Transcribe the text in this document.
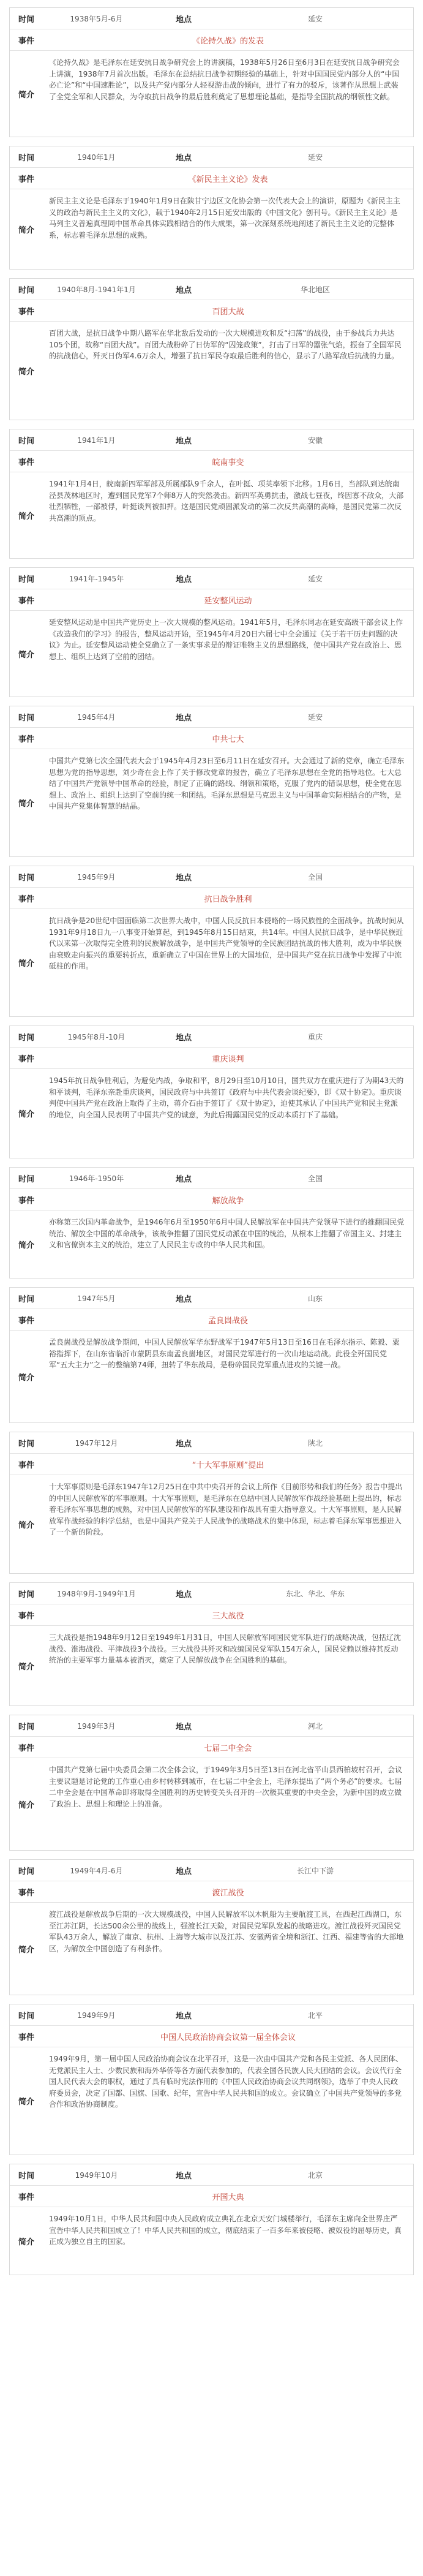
时间	1938年5月-6月	地点	延安
事件	《论持久战》的发表
简介
《论持久战》是毛泽东在延安抗日战争研究会上的讲演稿，1938年5月26日至6月3日在延安抗日战争研究会上讲演，1938年7月首次出版。毛泽东在总结抗日战争初期经验的基础上，针对中国国民党内部分人的“中国必亡论”和“中国速胜论”，以及共产党内部分人轻视游击战的倾向，进行了有力的驳斥，该著作从思想上武装了全党全军和人民群众，为夺取抗日战争的最后胜利奠定了思想理论基础，是指导全国抗战的纲领性文献。
时间	1940年1月	地点	延安
事件	《新民主主义论》发表
简介
新民主主义论是毛泽东于1940年1月9日在陕甘宁边区文化协会第一次代表大会上的演讲，原题为《新民主主义的政治与新民主主义的文化》，载于1940年2月15日延安出版的《中国文化》创刊号。《新民主主义论》是马列主义普遍真理同中国革命具体实践相结合的伟大成果，第一次深刻系统地阐述了新民主主义论的完整体系，标志着毛泽东思想的成熟。
时间	1940年8月-1941年1月	地点	华北地区
事件	百团大战
简介
百团大战，是抗日战争中期八路军在华北敌后发动的一次大规模进攻和反“扫荡”的战役，由于参战兵力共达105个团，故称“百团大战”。百团大战粉碎了日伪军的“囚笼政策”，打击了日军的嚣张气焰，振奋了全国军民的抗战信心，歼灭日伪军4.6万余人，增强了抗日军民夺取最后胜利的信心，显示了八路军敌后抗战的力量。
时间	1941年1月	地点	安徽
事件	皖南事变
简介
1941年1月4日，皖南新四军军部及所属部队9千余人，在叶挺、项英率领下北移。1月6日，当部队到达皖南泾县茂林地区时，遭到国民党军7个师8万人的突然袭击。新四军英勇抗击，激战七昼夜，终因寡不敌众，大部壮烈牺牲，一部被俘，叶挺谈判被扣押。这是国民党顽固派发动的第二次反共高潮的高峰，是国民党第二次反共高潮的顶点。
时间	1941年-1945年	地点	延安
事件	延安整风运动
简介
延安整风运动是中国共产党历史上一次大规模的整风运动。1941年5月，毛泽东同志在延安高级干部会议上作《改造我们的学习》的报告，整风运动开始，至1945年4月20日六届七中全会通过《关于若干历史问题的决议》为止。延安整风运动使全党确立了一条实事求是的辩证唯物主义的思想路线，使中国共产党在政治上、思想上、组织上达到了空前的团结。
时间	1945年4月	地点	延安
事件	中共七大
简介
中国共产党第七次全国代表大会于1945年4月23日至6月11日在延安召开。大会通过了新的党章，确立毛泽东思想为党的指导思想，刘少奇在会上作了关于修改党章的报告，确立了毛泽东思想在全党的指导地位。七大总结了中国共产党领导中国革命的经验，制定了正确的路线、纲领和策略，克服了党内的错误思想，使全党在思想上、政治上、组织上达到了空前的统一和团结。毛泽东思想是马克思主义与中国革命实际相结合的产物，是中国共产党集体智慧的结晶。
时间	1945年9月	地点	全国
事件	抗日战争胜利
简介
抗日战争是20世纪中国面临第二次世界大战中，中国人民反抗日本侵略的一场民族性的全面战争。抗战时间从1931年9月18日九一八事变开始算起，到1945年8月15日结束，共14年。中国人民抗日战争，是中华民族近代以来第一次取得完全胜利的民族解放战争，是中国共产党领导的全民族团结抗战的伟大胜利，成为中华民族由衰败走向振兴的重要转折点，重新确立了中国在世界上的大国地位，是中国共产党在抗日战争中发挥了中流砥柱的作用。
时间	1945年8月-10月	地点	重庆
事件	重庆谈判
简介
1945年抗日战争胜利后，为避免内战，争取和平，8月29日至10月10日，国共双方在重庆进行了为期43天的和平谈判，毛泽东亲赴重庆谈判，国民政府与中共签订《政府与中共代表会谈纪要》，即《双十协定》。重庆谈判使中国共产党在政治上取得了主动，蒋介石由于签订了《双十协定》，迫使其承认了中国共产党和民主党派的地位，向全国人民表明了中国共产党的诚意，为此后揭露国民党的反动本质打下了基础。
时间	1946年-1950年	地点	全国
事件	解放战争
简介
亦称第三次国内革命战争，是1946年6月至1950年6月中国人民解放军在中国共产党领导下进行的推翻国民党统治、解放全中国的革命战争，该战争推翻了国民党反动派在中国的统治，从根本上推翻了帝国主义、封建主义和官僚资本主义的统治，建立了人民民主专政的中华人民共和国。
时间	1947年5月	地点	山东
事件	孟良崮战役
简介
孟良崮战役是解放战争期间，中国人民解放军华东野战军于1947年5月13日至16日在毛泽东指示、陈毅、粟裕指挥下，在山东省临沂市蒙阴县东南孟良崮地区，对国民党军进行的一次山地运动战。此役全歼国民党军“五大主力”之一的整编第74师，扭转了华东战局，是粉碎国民党军重点进攻的关键一战。
时间	1947年12月	地点	陕北
事件	“十大军事原则”提出
简介
十大军事原则是毛泽东1947年12月25日在中共中央召开的会议上所作《目前形势和我们的任务》报告中提出的中国人民解放军的军事原则。十大军事原则，是毛泽东在总结中国人民解放军作战经验基础上提出的，标志着毛泽东军事思想的成熟，对中国人民解放军的军队建设和作战具有重大指导意义。十大军事原则，是人民解放军作战经验的科学总结，也是中国共产党关于人民战争的战略战术的集中体现，标志着毛泽东军事思想进入了一个新的阶段。
时间	1948年9月-1949年1月	地点	东北、华北、华东
事件	三大战役
简介
三大战役是指1948年9月12日至1949年1月31日，中国人民解放军同国民党军队进行的战略决战，包括辽沈战役、淮海战役、平津战役3个战役。三大战役共歼灭和改编国民党军队154万余人，国民党赖以维持其反动统治的主要军事力量基本被消灭，奠定了人民解放战争在全国胜利的基础。
时间	1949年3月	地点	河北
事件	七届二中全会
简介
中国共产党第七届中央委员会第二次全体会议，于1949年3月5日至13日在河北省平山县西柏坡村召开，会议主要议题是讨论党的工作重心由乡村转移到城市，在七届二中全会上，毛泽东提出了“两个务必”的要求。七届二中全会是在中国革命即将取得全国胜利的历史转变关头召开的一次极其重要的中央全会，为新中国的成立做了政治上、思想上和理论上的准备。
时间	1949年4月-6月	地点	长江中下游
事件	渡江战役
简介
渡江战役是解放战争后期的一次大规模战役，中国人民解放军以木帆船为主要航渡工具，在西起江西湖口，东至江苏江阴，长达500余公里的战线上，强渡长江天险，对国民党军队发起的战略进攻。渡江战役歼灭国民党军队43万余人，解放了南京、杭州、上海等大城市以及江苏、安徽两省全境和浙江、江西、福建等省的大部地区，为解放全中国创造了有利条件。
时间	1949年9月	地点	北平
事件	中国人民政治协商会议第一届全体会议
简介
1949年9月，第一届中国人民政治协商会议在北平召开，这是一次由中国共产党和各民主党派、各人民团体、无党派民主人士、少数民族和海外华侨等各方面代表参加的，代表全国各民族人民大团结的会议。会议代行全国人民代表大会的职权，通过了具有临时宪法作用的《中国人民政治协商会议共同纲领》，选举了中央人民政府委员会，决定了国都、国旗、国歌、纪年，宣告中华人民共和国的成立。会议确立了中国共产党领导的多党合作和政治协商制度。
时间	1949年10月	地点	北京
事件	开国大典
简介
1949年10月1日，中华人民共和国中央人民政府成立典礼在北京天安门城楼举行，毛泽东主席向全世界庄严宣告中华人民共和国成立了！中华人民共和国的成立，彻底结束了一百多年来被侵略、被奴役的屈辱历史，真正成为独立自主的国家。
